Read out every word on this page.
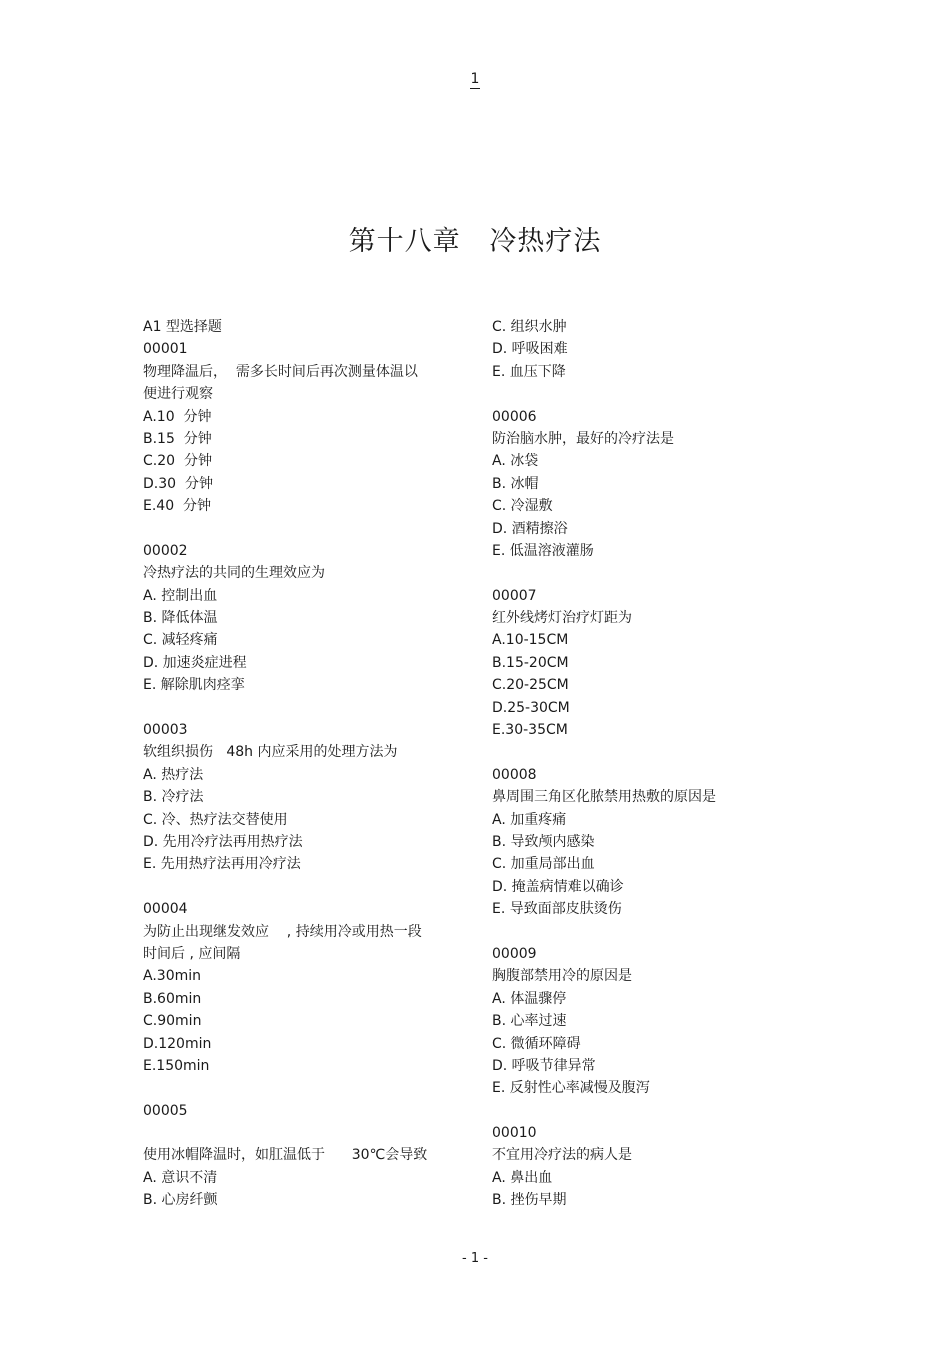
1
第十八章   冷热疗法
A1 型选择题
00001
物理降温后，  需多长时间后再次测量体温以
便进行观察
A.10  分钟
B.15  分钟
C.20  分钟
D.30  分钟
E.40  分钟
00002
冷热疗法的共同的生理效应为
A. 控制出血
B. 降低体温
C. 减轻疼痛
D. 加速炎症进程
E. 解除肌肉痉挛
00003
软组织损伤   48h 内应采用的处理方法为
A. 热疗法
B. 冷疗法
C. 冷、热疗法交替使用
D. 先用冷疗法再用热疗法
E. 先用热疗法再用冷疗法
00004
为防止出现继发效应    , 持续用冷或用热一段
时间后 , 应间隔
A.30min
B.60min
C.90min
D.120min
E.150min
00005
使用冰帽降温时，如肛温低于      30℃会导致
A. 意识不清
B. 心房纤颤
C. 组织水肿
D. 呼吸困难
E. 血压下降
00006
防治脑水肿，最好的冷疗法是
A. 冰袋
B. 冰帽
C. 冷湿敷
D. 酒精擦浴
E. 低温溶液灌肠
00007
红外线烤灯治疗灯距为
A.10-15CM
B.15-20CM
C.20-25CM
D.25-30CM
E.30-35CM
00008
鼻周围三角区化脓禁用热敷的原因是
A. 加重疼痛
B. 导致颅内感染
C. 加重局部出血
D. 掩盖病情难以确诊
E. 导致面部皮肤烫伤
00009
胸腹部禁用冷的原因是
A. 体温骤停
B. 心率过速
C. 微循环障碍
D. 呼吸节律异常
E. 反射性心率减慢及腹泻
00010
不宜用冷疗法的病人是
A. 鼻出血
B. 挫伤早期
- 1 -
